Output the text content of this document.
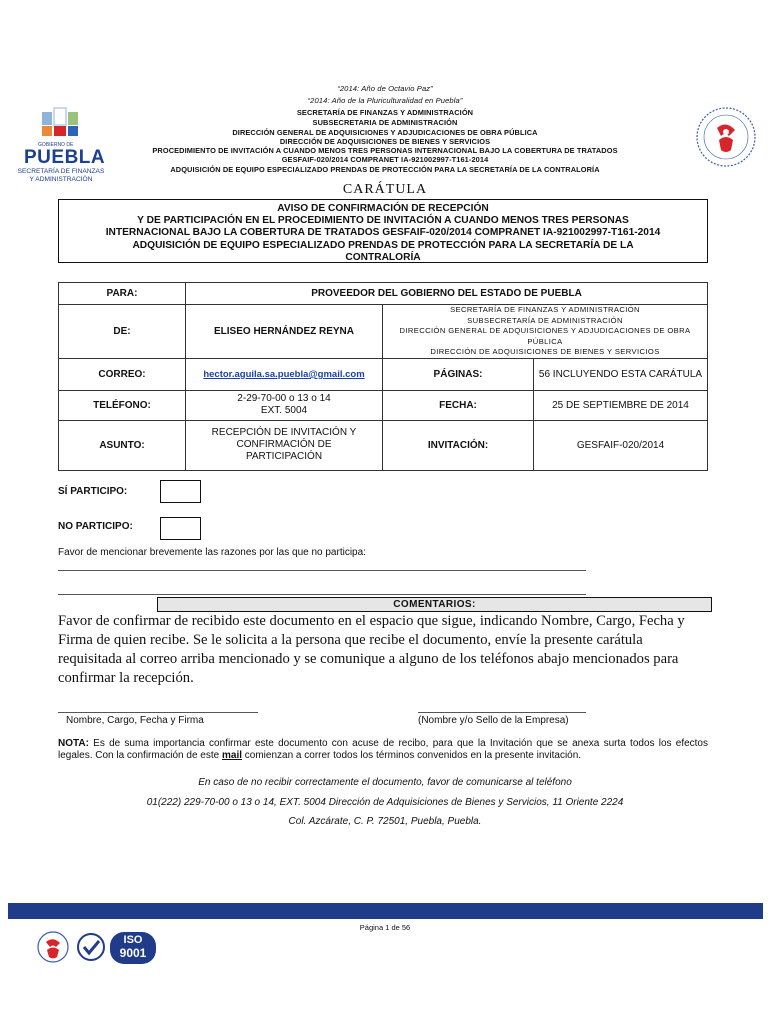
“2014: Año de Octavio Paz”
“2014: Año de la Pluriculturalidad en Puebla”
SECRETARÍA DE FINANZAS Y ADMINISTRACIÓN
SUBSECRETARIA DE ADMINISTRACIÓN
DIRECCIÓN GENERAL DE ADQUISICIONES Y ADJUDICACIONES DE OBRA PÚBLICA
DIRECCIÓN DE ADQUISICIONES DE BIENES Y SERVICIOS
PROCEDIMIENTO DE INVITACIÓN A CUANDO MENOS TRES PERSONAS INTERNACIONAL BAJO LA COBERTURA DE TRATADOS
GESFAIF-020/2014 COMPRANET IA-921002997-T161-2014
ADQUISICIÓN DE EQUIPO ESPECIALIZADO PRENDAS DE PROTECCIÓN PARA LA SECRETARÍA DE LA CONTRALORÍA
GOBIERNO DE
PUEBLA
SECRETARÍA DE FINANZAS
Y ADMINISTRACIÓN
CARÁTULA
AVISO DE CONFIRMACIÓN DE RECEPCIÓN
Y DE PARTICIPACIÓN EN EL PROCEDIMIENTO DE INVITACIÓN A CUANDO MENOS TRES PERSONAS
INTERNACIONAL BAJO LA COBERTURA DE TRATADOS GESFAIF-020/2014 COMPRANET IA-921002997-T161-2014
ADQUISICIÓN DE EQUIPO ESPECIALIZADO PRENDAS DE PROTECCIÓN PARA LA SECRETARÍA DE LA
CONTRALORÍA
PARA:	PROVEEDOR DEL GOBIERNO DEL ESTADO DE PUEBLA		
DE:	ELISEO HERNÁNDEZ REYNA	SECRETARÍA DE FINANZAS Y ADMINISTRACIÓN
SUBSECRETARÍA DE ADMINISTRACIÓN
DIRECCIÓN GENERAL DE ADQUISICIONES Y ADJUDICACIONES DE OBRA PÚBLICA
DIRECCIÓN DE ADQUISICIONES DE BIENES Y SERVICIOS	

CORREO:	hector.aguila.sa.puebla@gmail.com	PÁGINAS:	56 INCLUYENDO ESTA CARÁTULA
TELÉFONO:	2-29-70-00 o 13 o 14
EXT. 5004	FECHA:	25 DE SEPTIEMBRE DE 2014
ASUNTO:	RECEPCIÓN DE INVITACIÓN Y
CONFIRMACIÓN DE
PARTICIPACIÓN	INVITACIÓN:	GESFAIF-020/2014
SÍ PARTICIPO:
NO PARTICIPO:
Favor de mencionar brevemente las razones por las que no participa:
COMENTARIOS:
Favor de confirmar de recibido este documento en el espacio que sigue, indicando Nombre, Cargo, Fecha y Firma de quien recibe. Se le solicita a la persona que recibe el documento, envíe la presente carátula requisitada al correo arriba mencionado y se comunique a alguno de los teléfonos abajo mencionados para confirmar la recepción.
Nombre, Cargo, Fecha y Firma	(Nombre y/o Sello de la Empresa)
NOTA: Es de suma importancia confirmar este documento con acuse de recibo, para que la Invitación que se anexa surta todos los efectos legales. Con la confirmación de este mail comienzan a correr todos los términos convenidos en la presente invitación.
En caso de no recibir correctamente el documento, favor de comunicarse al teléfono
01(222) 229-70-00 o 13 o 14, EXT. 5004 Dirección de Adquisiciones de Bienes y Servicios, 11 Oriente 2224
Col. Azcárate, C. P. 72501, Puebla, Puebla.
Página 1 de 56
ISO
9001
